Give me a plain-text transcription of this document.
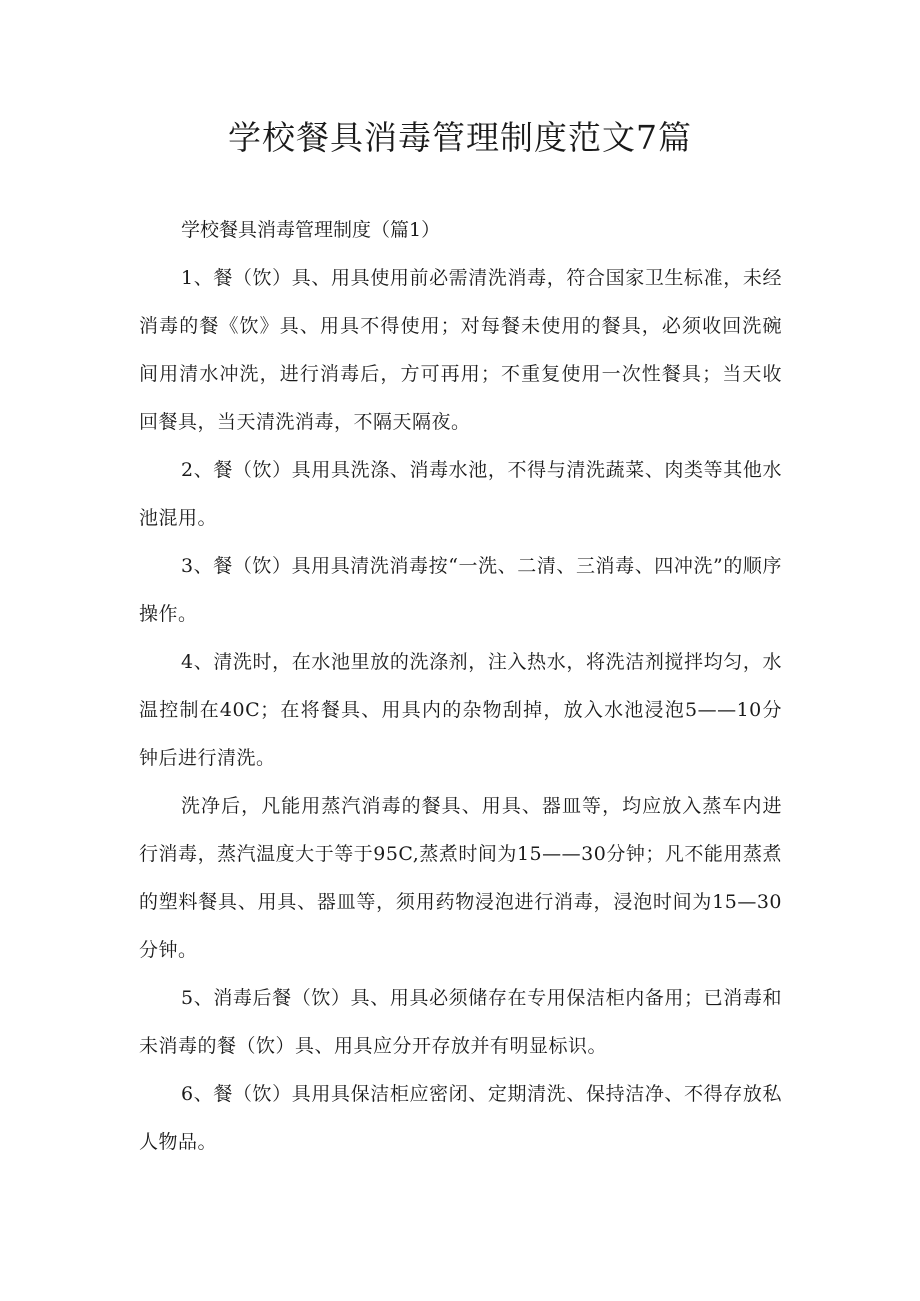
学校餐具消毒管理制度范文7篇

学校餐具消毒管理制度（篇1）

1、餐（饮）具、用具使用前必需清洗消毒，符合国家卫生标准，未经消毒的餐《饮》具、用具不得使用；对每餐未使用的餐具，必须收回洗碗间用清水冲洗，进行消毒后，方可再用；不重复使用一次性餐具；当天收回餐具，当天清洗消毒，不隔天隔夜。

2、餐（饮）具用具洗涤、消毒水池，不得与清洗蔬菜、肉类等其他水池混用。

3、餐（饮）具用具清洗消毒按“一洗、二清、三消毒、四冲洗”的顺序操作。

4、清洗时，在水池里放的洗涤剂，注入热水，将洗洁剂搅拌均匀，水温控制在40C；在将餐具、用具内的杂物刮掉，放入水池浸泡5——10分钟后进行清洗。

洗净后，凡能用蒸汽消毒的餐具、用具、器皿等，均应放入蒸车内进行消毒，蒸汽温度大于等于95C,蒸煮时间为15——30分钟；凡不能用蒸煮的塑料餐具、用具、器皿等，须用药物浸泡进行消毒，浸泡时间为15—30分钟。

5、消毒后餐（饮）具、用具必须储存在专用保洁柜内备用；已消毒和未消毒的餐（饮）具、用具应分开存放并有明显标识。

6、餐（饮）具用具保洁柜应密闭、定期清洗、保持洁净、不得存放私人物品。
